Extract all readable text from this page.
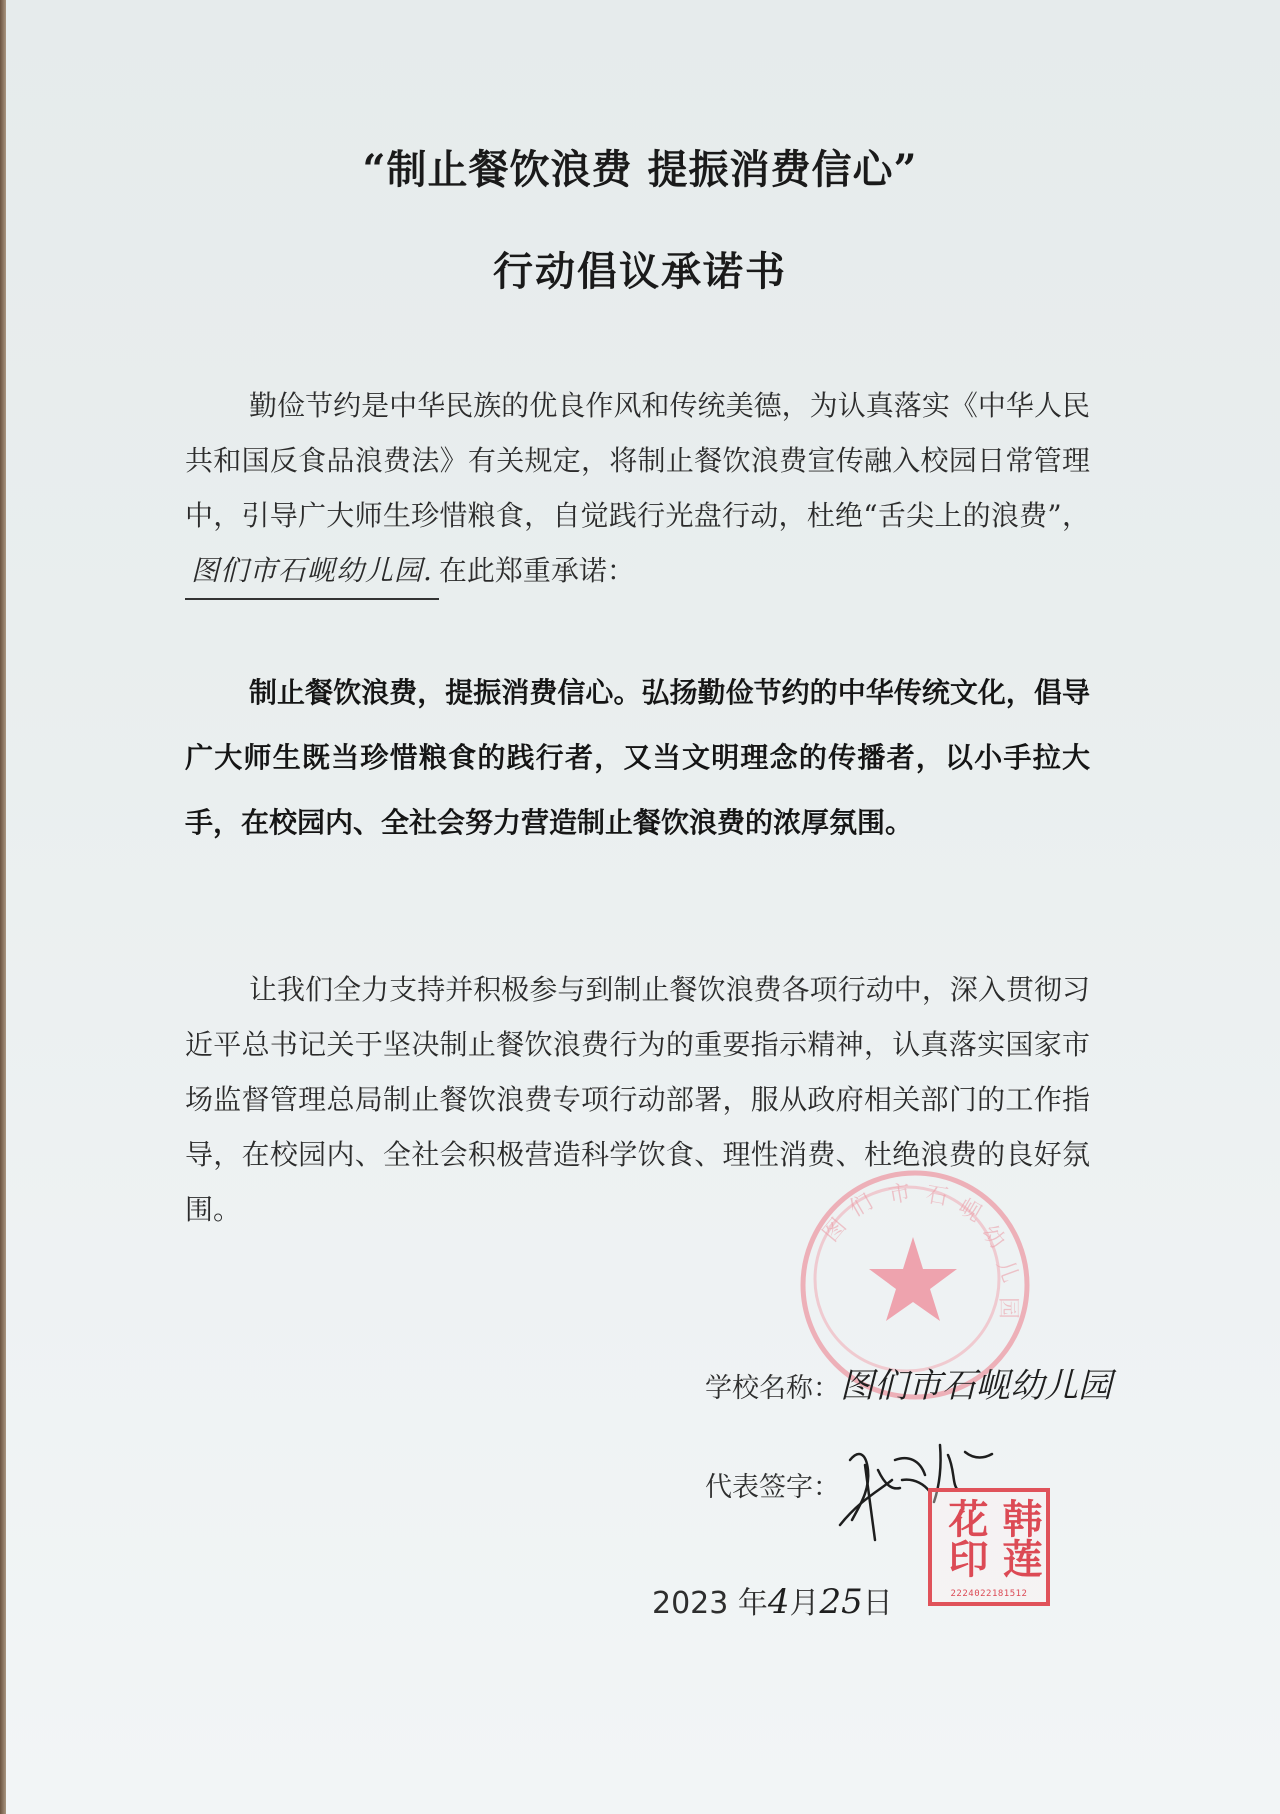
“制止餐饮浪费 提振消费信心”
行动倡议承诺书
勤俭节约是中华民族的优良作风和传统美德，为认真落实《中华人民共和国反食品浪费法》有关规定，将制止餐饮浪费宣传融入校园日常管理中，引导广大师生珍惜粮食，自觉践行光盘行动，杜绝“舌尖上的浪费”，图们市石岘幼儿园. 在此郑重承诺：
制止餐饮浪费，提振消费信心。弘扬勤俭节约的中华传统文化，倡导广大师生既当珍惜粮食的践行者，又当文明理念的传播者，以小手拉大手，在校园内、全社会努力营造制止餐饮浪费的浓厚氛围。
让我们全力支持并积极参与到制止餐饮浪费各项行动中，深入贯彻习近平总书记关于坚决制止餐饮浪费行为的重要指示精神，认真落实国家市场监督管理总局制止餐饮浪费专项行动部署，服从政府相关部门的工作指导，在校园内、全社会积极营造科学饮食、理性消费、杜绝浪费的良好氛围。
图
们 市 石 岘
幼
儿
园
学校名称：图们市石岘幼儿园
代表签字：
韩莲
花印
2224022181512
2023 年4月25日
